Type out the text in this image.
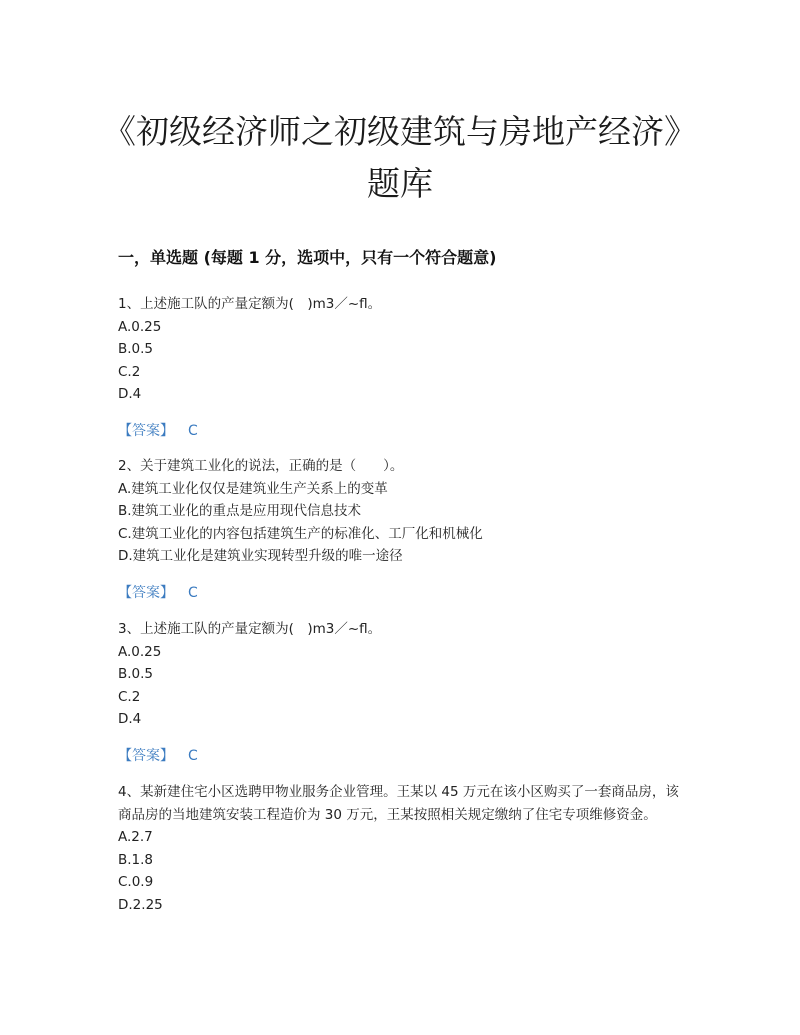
《初级经济师之初级建筑与房地产经济》题库
一，单选题 (每题 1 分，选项中，只有一个符合题意)

1、上述施工队的产量定额为(　)m3／~fl。

A.0.25
B.0.5
C.2
D.4

【答案】 C

2、关于建筑工业化的说法，正确的是（　　）。

A.建筑工业化仅仅是建筑业生产关系上的变革
B.建筑工业化的重点是应用现代信息技术
C.建筑工业化的内容包括建筑生产的标准化、工厂化和机械化
D.建筑工业化是建筑业实现转型升级的唯一途径

【答案】 C

3、上述施工队的产量定额为(　)m3／~fl。

A.0.25
B.0.5
C.2
D.4

【答案】 C

4、某新建住宅小区选聘甲物业服务企业管理。王某以 45 万元在该小区购买了一套商品房，该商品房的当地建筑安装工程造价为 30 万元，王某按照相关规定缴纳了住宅专项维修资金。

A.2.7
B.1.8
C.0.9
D.2.25
